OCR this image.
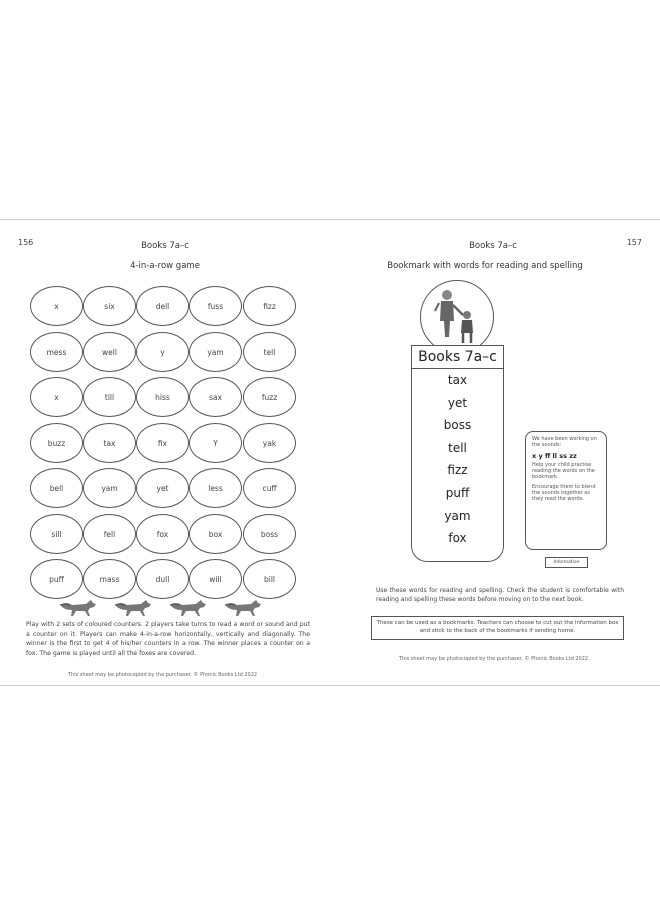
156	Books 7a–c
4-in-a-row game
x	six	dell	fuss	fizz
mess	well	y	yam	tell
x	till	hiss	sax	fuzz
buzz	tax	fix	Y	yak
bell	yam	yet	less	cuff
sill	fell	fox	box	boss
puff	mass	dull	will	bill
Play with 2 sets of coloured counters. 2 players take turns to read a word or sound and put a counter on it. Players can make 4-in-a-row horizontally, vertically and diagonally. The winner is the first to get 4 of his/her counters in a row. The winner places a counter on a fox. The game is played until all the foxes are covered.
This sheet may be photocopied by the purchaser. © Phonic Books Ltd 2022
157
Books 7a–c
Bookmark with words for reading and spelling
Books 7a–c
tax
yet
boss
tell
fizz
puff
yam
fox

We have been working on the sounds:

x y ff ll ss zz

Help your child practise reading the words on the bookmark.

Encourage them to blend the sounds together as they read the words.

Information
Use these words for reading and spelling. Check the student is comfortable with reading and spelling these words before moving on to the next book.
These can be used as a bookmarks. Teachers can choose to cut out the information box and stick to the back of the bookmarks if sending home.
This sheet may be photocopied by the purchaser. © Phonic Books Ltd 2022
